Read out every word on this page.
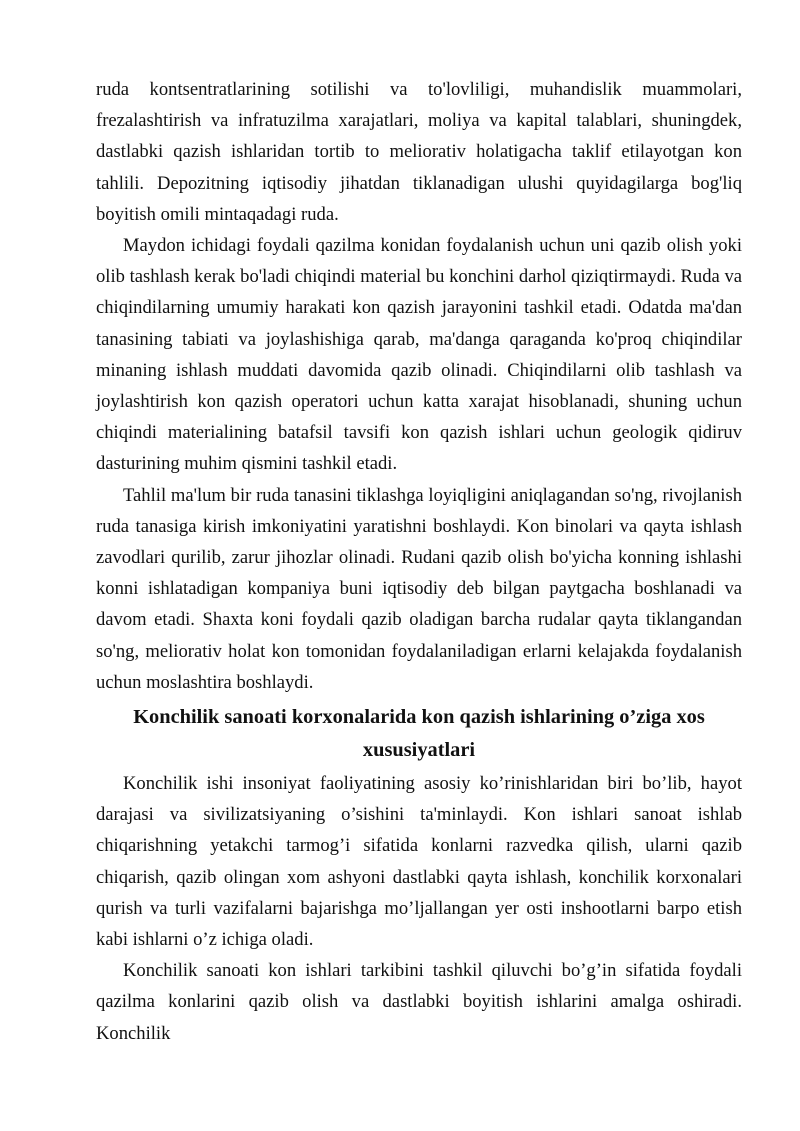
ruda kontsentratlarining sotilishi va to'lovliligi, muhandislik muammolari, frezalashtirish va infratuzilma xarajatlari, moliya va kapital talablari, shuningdek, dastlabki qazish ishlaridan tortib to meliorativ holatigacha taklif etilayotgan kon tahlili. Depozitning iqtisodiy jihatdan tiklanadigan ulushi quyidagilarga bog'liq boyitish omili mintaqadagi ruda.

Maydon ichidagi foydali qazilma konidan foydalanish uchun uni qazib olish yoki olib tashlash kerak bo'ladi chiqindi material bu konchini darhol qiziqtirmaydi. Ruda va chiqindilarning umumiy harakati kon qazish jarayonini tashkil etadi. Odatda ma'dan tanasining tabiati va joylashishiga qarab, ma'danga qaraganda ko'proq chiqindilar minaning ishlash muddati davomida qazib olinadi. Chiqindilarni olib tashlash va joylashtirish kon qazish operatori uchun katta xarajat hisoblanadi, shuning uchun chiqindi materialining batafsil tavsifi kon qazish ishlari uchun geologik qidiruv dasturining muhim qismini tashkil etadi.

Tahlil ma'lum bir ruda tanasini tiklashga loyiqligini aniqlagandan so'ng, rivojlanish ruda tanasiga kirish imkoniyatini yaratishni boshlaydi. Kon binolari va qayta ishlash zavodlari qurilib, zarur jihozlar olinadi. Rudani qazib olish bo'yicha konning ishlashi konni ishlatadigan kompaniya buni iqtisodiy deb bilgan paytgacha boshlanadi va davom etadi. Shaxta koni foydali qazib oladigan barcha rudalar qayta tiklangandan so'ng, meliorativ holat kon tomonidan foydalaniladigan erlarni kelajakda foydalanish uchun moslashtira boshlaydi.

Konchilik sanoati korxonalarida kon qazish ishlarining o’ziga xos xususiyatlari

Konchilik ishi insoniyat faoliyatining asosiy ko’rinishlaridan biri bo’lib, hayot darajasi va sivilizatsiyaning o’sishini ta'minlaydi. Kon ishlari sanoat ishlab chiqarishning yetakchi tarmog’i sifatida konlarni razvedka qilish, ularni qazib chiqarish, qazib olingan xom ashyoni dastlabki qayta ishlash, konchilik korxonalari qurish va turli vazifalarni bajarishga mo’ljallangan yer osti inshootlarni barpo etish kabi ishlarni o’z ichiga oladi.

Konchilik sanoati kon ishlari tarkibini tashkil qiluvchi bo’g’in sifatida foydali qazilma konlarini qazib olish va dastlabki boyitish ishlarini amalga oshiradi. Konchilik
